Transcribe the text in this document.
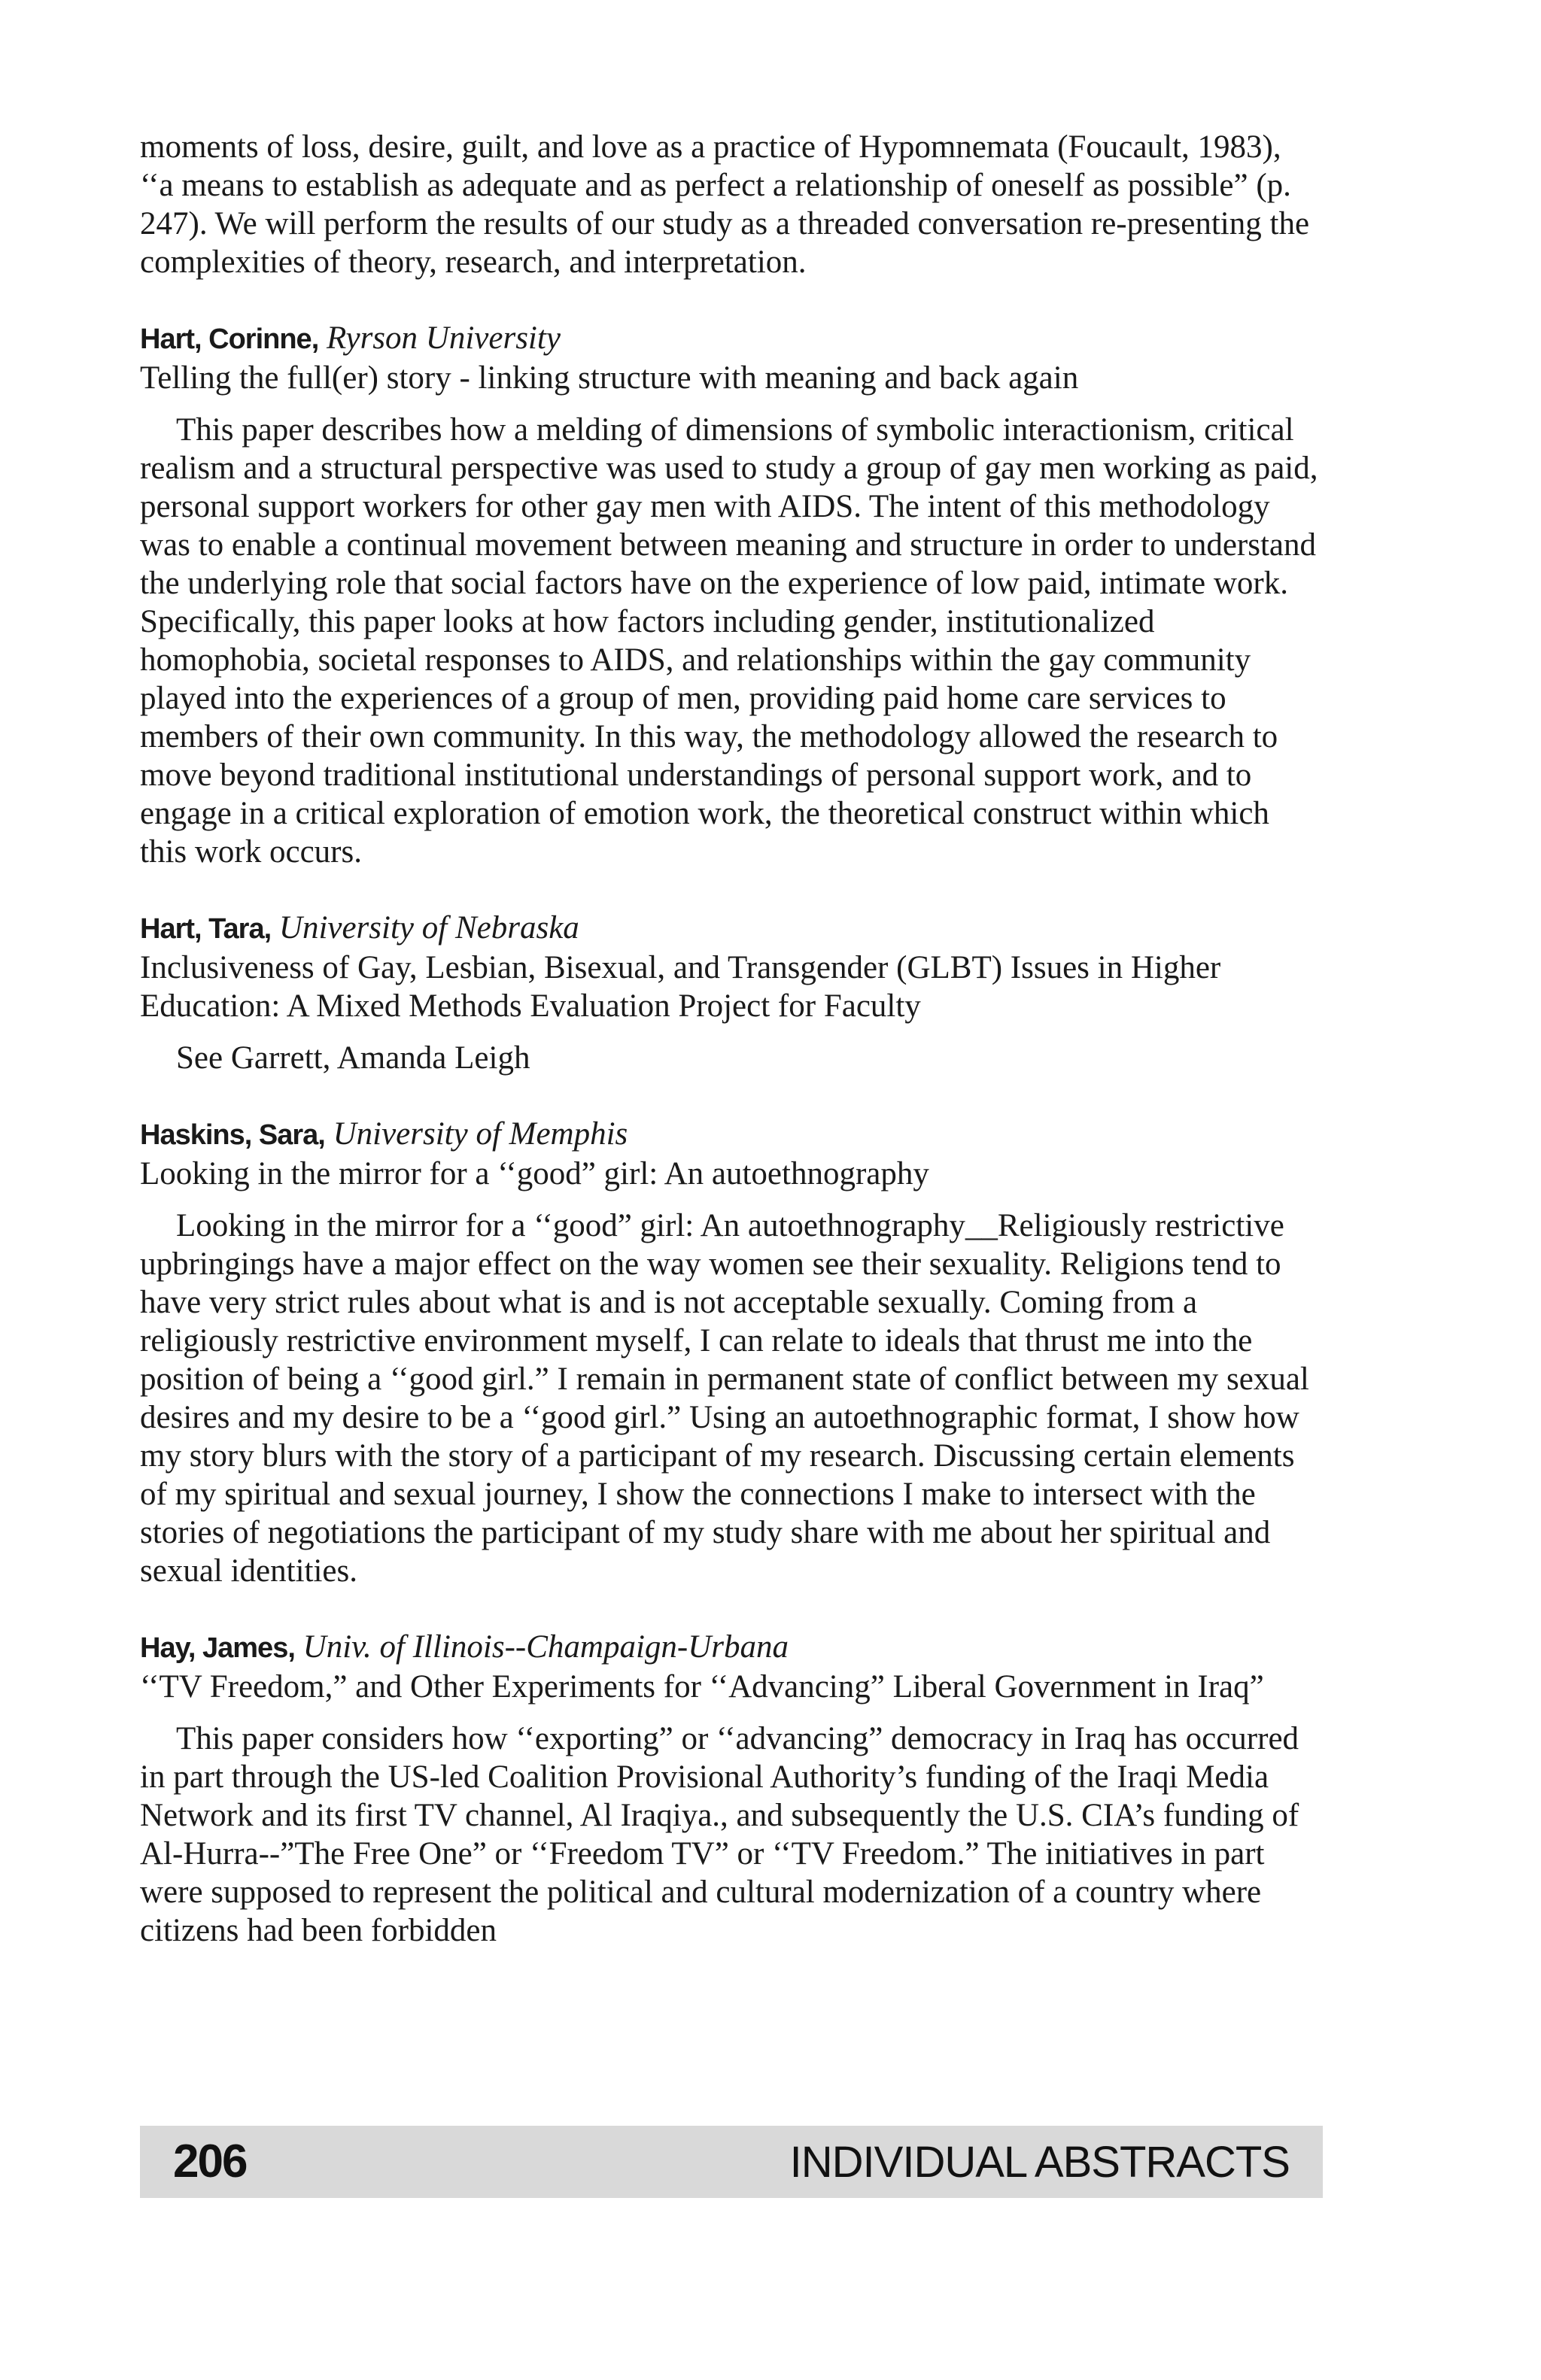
moments of loss, desire, guilt, and love as a practice of Hypomnemata (Foucault, 1983), ‘‘a means to establish as adequate and as perfect a relationship of oneself as possible” (p. 247). We will perform the results of our study as a threaded conversation re-presenting the complexities of theory, research, and interpretation.

Hart, Corinne, Ryrson University

Telling the full(er) story - linking structure with meaning and back again

This paper describes how a melding of dimensions of symbolic interactionism, critical realism and a structural perspective was used to study a group of gay men working as paid, personal support workers for other gay men with AIDS. The intent of this methodology was to enable a continual movement between meaning and structure in order to understand the underlying role that social factors have on the experience of low paid, intimate work. Specifically, this paper looks at how factors including gender, institutionalized homophobia, societal responses to AIDS, and relationships within the gay community played into the experiences of a group of men, providing paid home care services to members of their own community. In this way, the methodology allowed the research to move beyond traditional institutional understandings of personal support work, and to engage in a critical exploration of emotion work, the theoretical construct within which this work occurs.

Hart, Tara, University of Nebraska

Inclusiveness of Gay, Lesbian, Bisexual, and Transgender (GLBT) Issues in Higher Education: A Mixed Methods Evaluation Project for Faculty

See Garrett, Amanda Leigh

Haskins, Sara, University of Memphis

Looking in the mirror for a ‘‘good” girl: An autoethnography

Looking in the mirror for a ‘‘good” girl: An autoethnography__Religiously restrictive upbringings have a major effect on the way women see their sexuality. Religions tend to have very strict rules about what is and is not acceptable sexually. Coming from a religiously restrictive environment myself, I can relate to ideals that thrust me into the position of being a ‘‘good girl.” I remain in permanent state of conflict between my sexual desires and my desire to be a ‘‘good girl.” Using an autoethnographic format, I show how my story blurs with the story of a participant of my research. Discussing certain elements of my spiritual and sexual journey, I show the connections I make to intersect with the stories of negotiations the participant of my study share with me about her spiritual and sexual identities.

Hay, James, Univ. of Illinois--Champaign-Urbana

‘‘TV Freedom,” and Other Experiments for ‘‘Advancing” Liberal Government in Iraq”

This paper considers how ‘‘exporting” or ‘‘advancing” democracy in Iraq has occurred in part through the US-led Coalition Provisional Authority’s funding of the Iraqi Media Network and its first TV channel, Al Iraqiya., and subsequently the U.S. CIA’s funding of Al-Hurra--”The Free One” or ‘‘Freedom TV” or ‘‘TV Freedom.” The initiatives in part were supposed to represent the political and cultural modernization of a country where citizens had been forbidden

206	INDIVIDUAL ABSTRACTS
